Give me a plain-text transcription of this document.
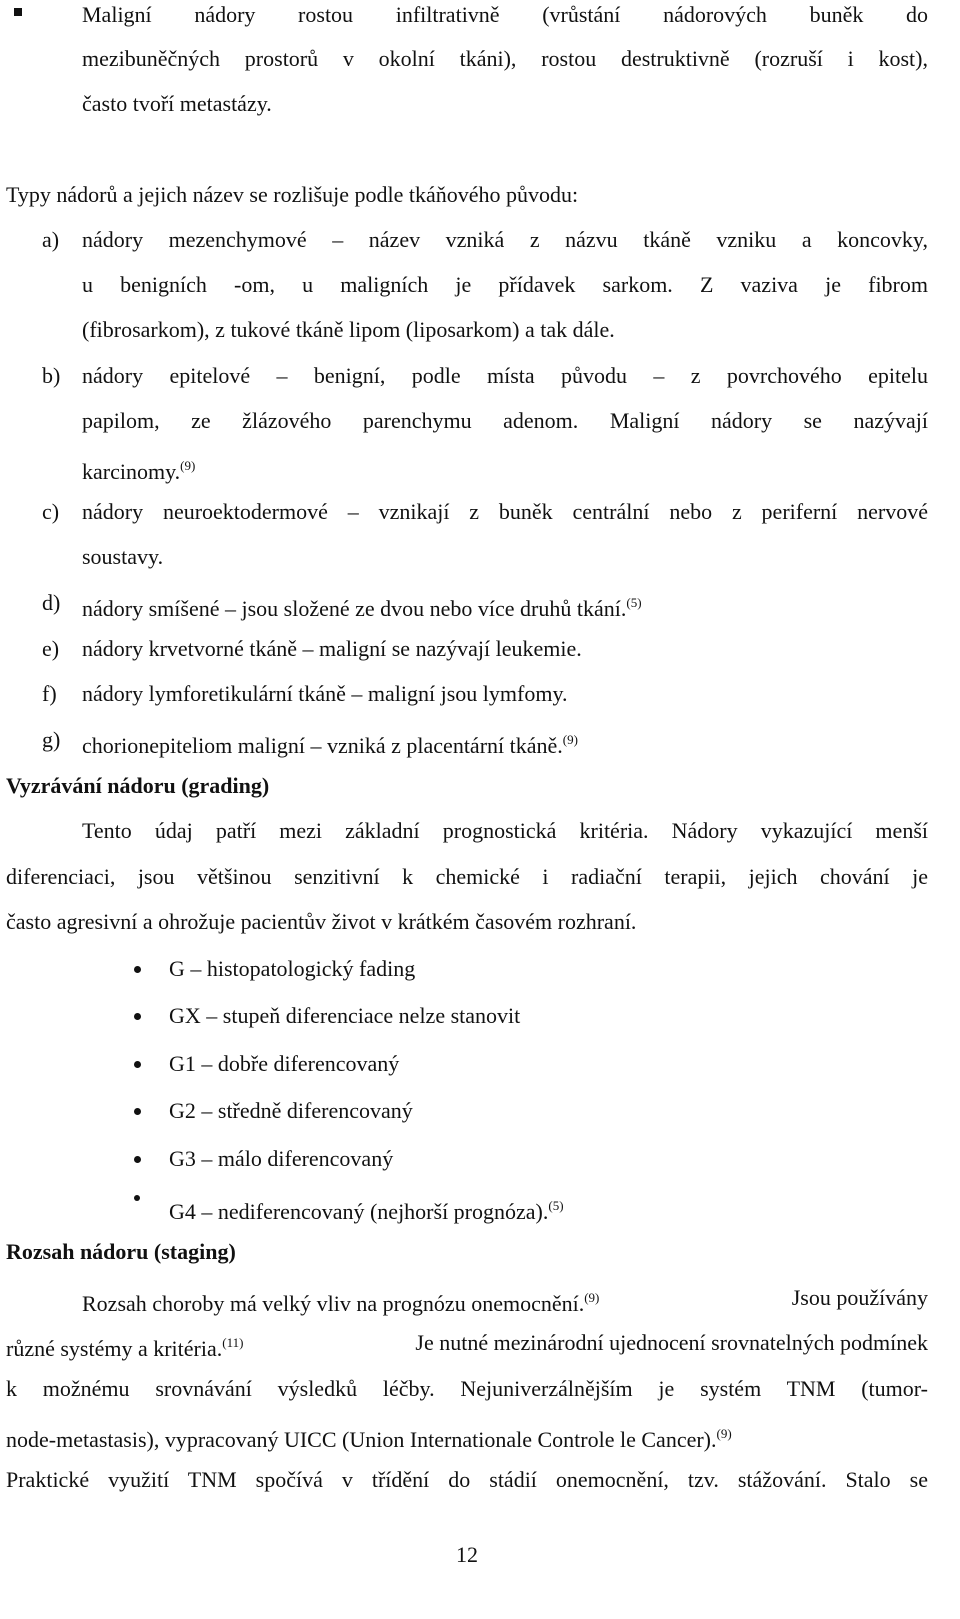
Maligní nádory rostou infiltrativně (vrůstání nádorových buněk do
mezibuněčných prostorů v okolní tkáni), rostou destruktivně (rozruší i kost),
často tvoří metastázy.
Typy nádorů a jejich název se rozlišuje podle tkáňového původu:
a)	nádory mezenchymové – název vzniká z názvu tkáně vzniku a koncovky,
u benigních -om, u maligních je přídavek sarkom. Z vaziva je fibrom
(fibrosarkom), z tukové tkáně lipom (liposarkom) a tak dále.
b) nádory epitelové – benigní, podle místa původu – z povrchového epitelu
papilom, ze žlázového parenchymu adenom. Maligní nádory se nazývají
karcinomy.$^{(9)}$
c)	nádory neuroektodermové – vznikají z buněk centrální nebo z periferní nervové
soustavy.
d) nádory smíšené – jsou složené ze dvou nebo více druhů tkání.$^{(5)}$
e)	nádory krvetvorné tkáně – maligní se nazývají leukemie.
f)	nádory lymforetikulární tkáně – maligní jsou lymfomy.
g) chorionepiteliom maligní – vzniká z placentární tkáně.$^{(9)}$
Vyzrávání nádoru (grading)
Tento údaj patří mezi základní prognostická kritéria. Nádory vykazující menší
diferenciaci, jsou většinou senzitivní k chemické i radiační terapii, jejich chování je
často agresivní a ohrožuje pacientův život v krátkém časovém rozhraní.
G – histopatologický fading
GX – stupeň diferenciace nelze stanovit
G1 – dobře diferencovaný
G2 – středně diferencovaný
G3 – málo diferencovaný
G4 – nediferencovaný (nejhorší prognóza).$^{(5)}$
Rozsah nádoru (staging)
Rozsah choroby má velký vliv na prognózu onemocnění.$^{(9)}$	Jsou používány
různé systémy a kritéria.$^{(11)}$	Je nutné mezinárodní ujednocení srovnatelných podmínek
k možnému srovnávání výsledků léčby. Nejuniverzálnějším je systém TNM (tumor-
node-metastasis), vypracovaný UICC (Union Internationale Controle le Cancer).$^{(9)}$
Praktické využití TNM spočívá v třídění do stádií onemocnění, tzv. stážování. Stalo se
12
